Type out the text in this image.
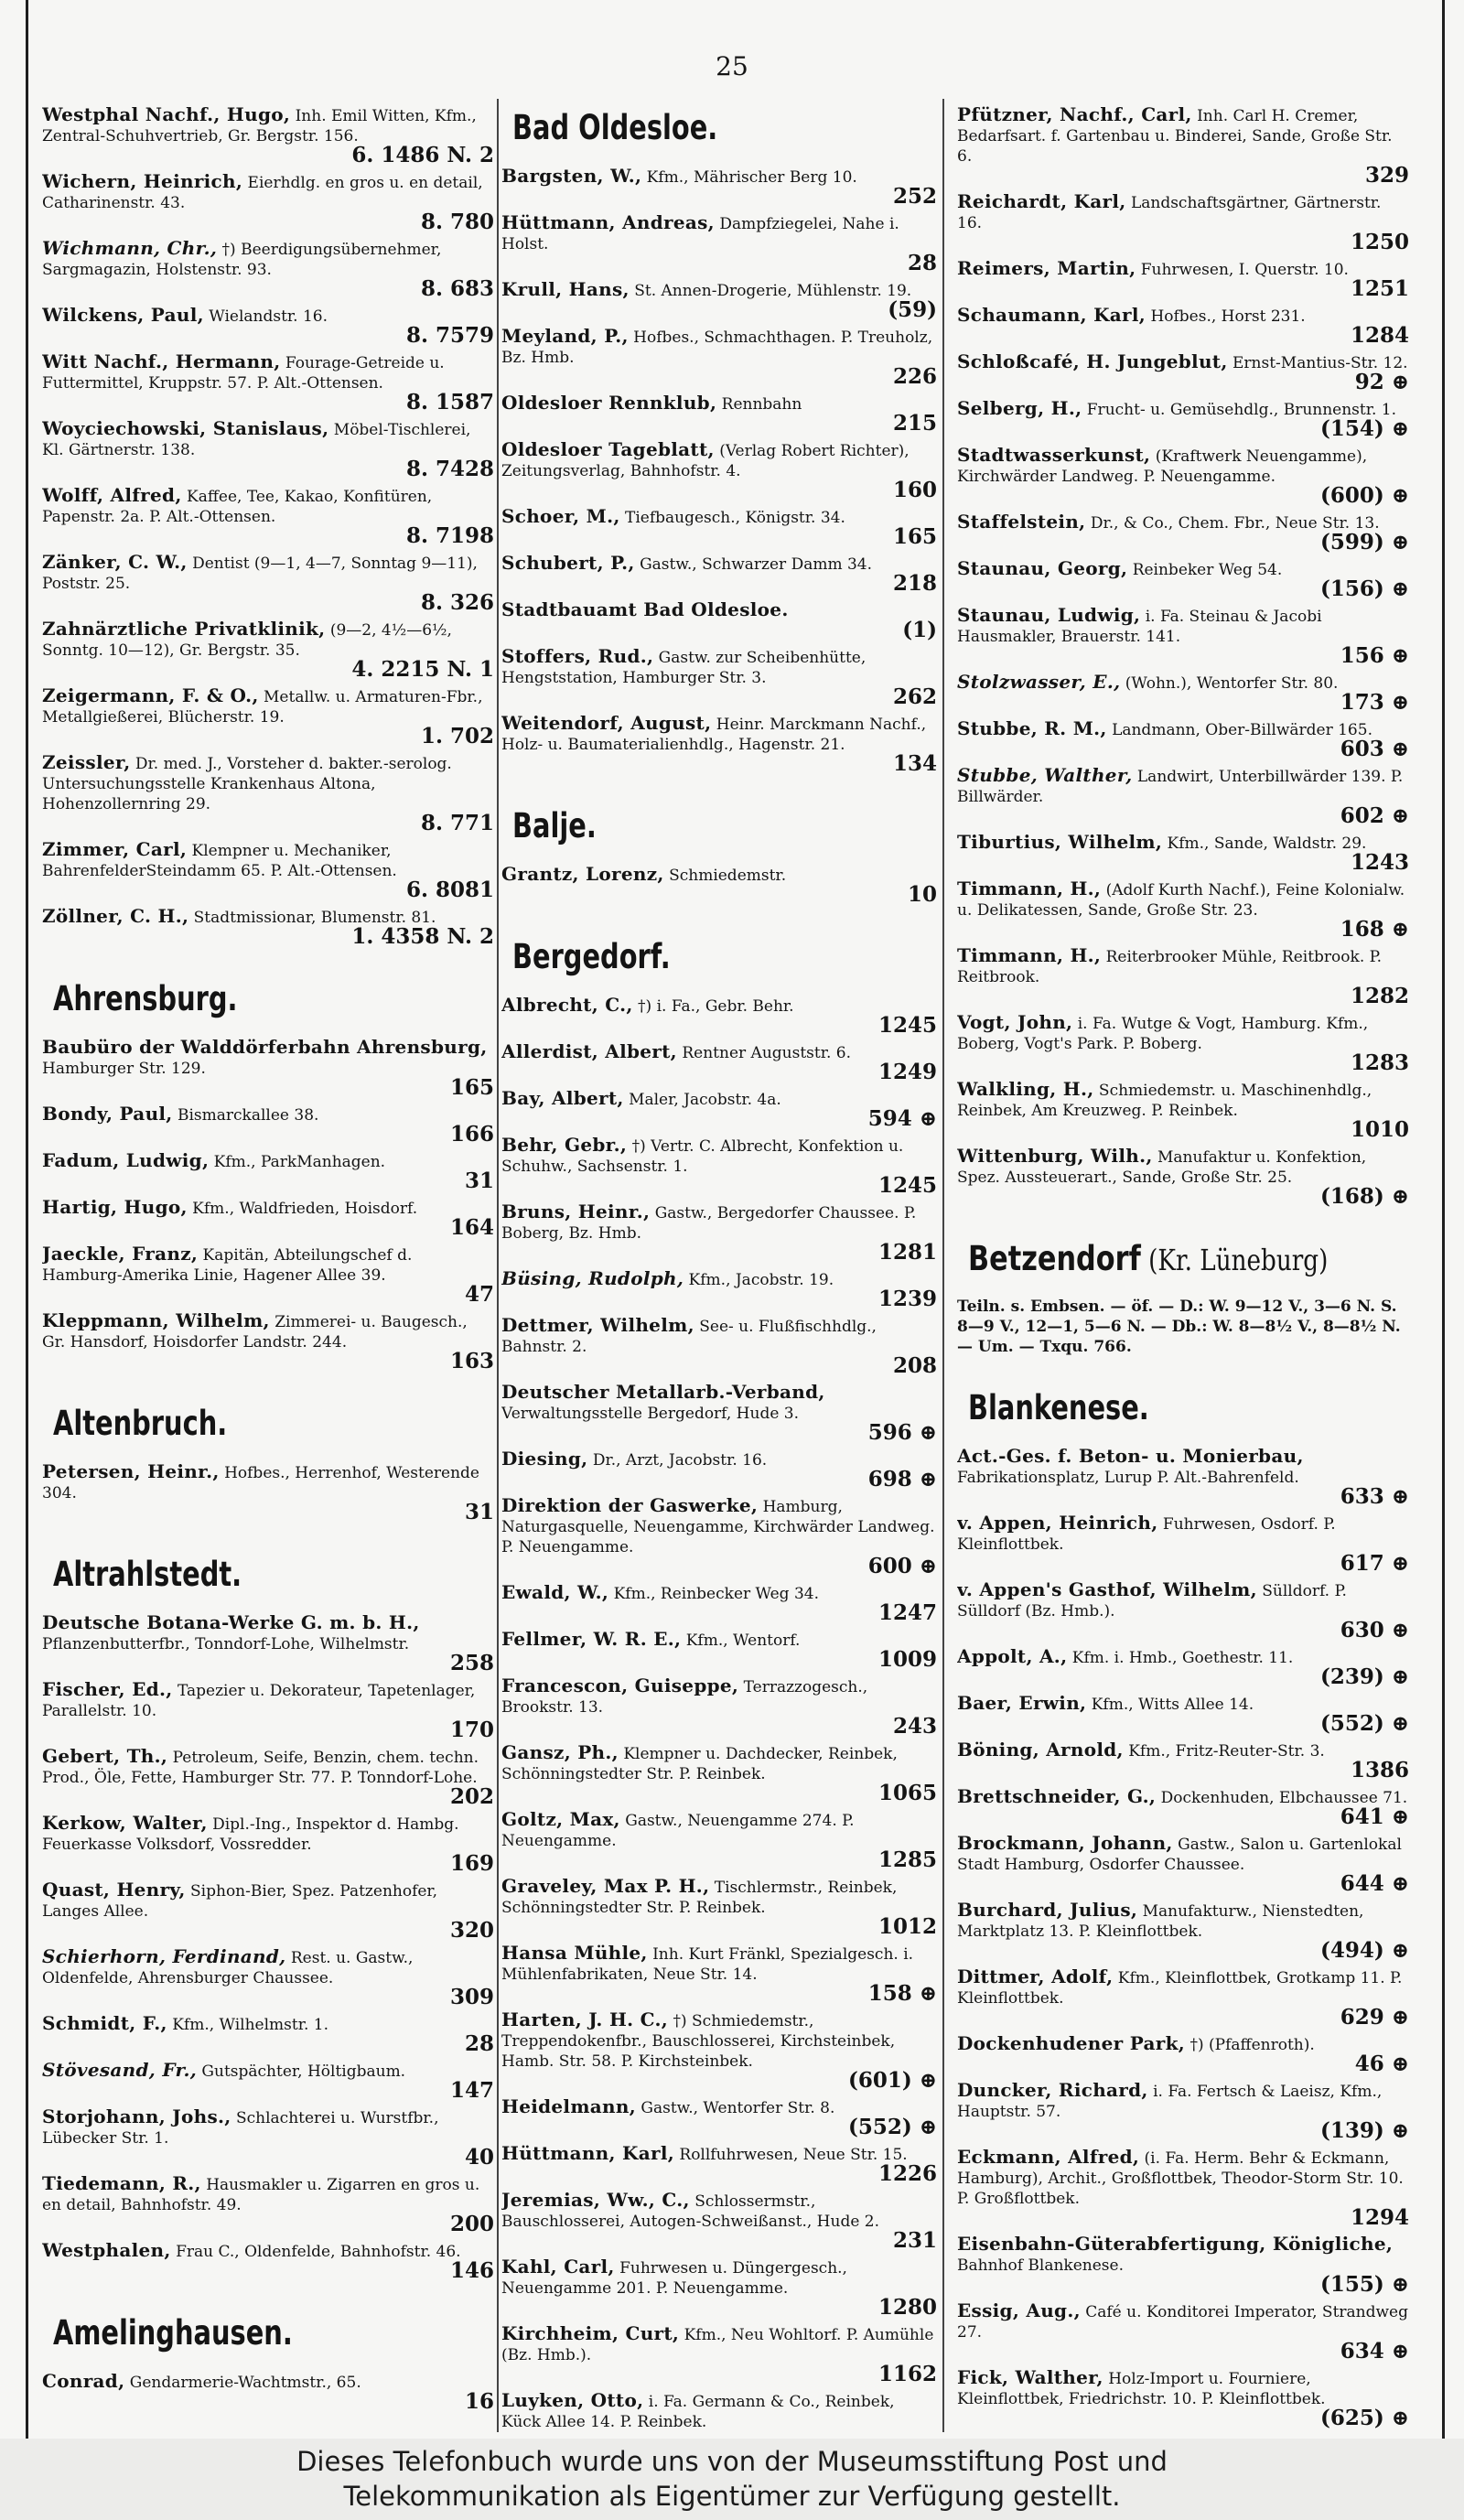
25
Westphal Nachf., Hugo, Inh. Emil Witten, Kfm., Zentral-Schuhvertrieb, Gr. Bergstr. 156.
6. 1486 N. 2
Wichern, Heinrich, Eierhdlg. en gros u. en detail, Catharinenstr. 43.
8. 780
Wichmann, Chr., †) Beerdigungsübernehmer, Sargmagazin, Holstenstr. 93.
8. 683
Wilckens, Paul, Wielandstr. 16.
8. 7579
Witt Nachf., Hermann, Fourage-Getreide u. Futtermittel, Kruppstr. 57. P. Alt.-Ottensen.
8. 1587
Woyciechowski, Stanislaus, Möbel-Tischlerei, Kl. Gärtnerstr. 138.
8. 7428
Wolff, Alfred, Kaffee, Tee, Kakao, Konfitüren, Papenstr. 2a. P. Alt.-Ottensen.
8. 7198
Zänker, C. W., Dentist (9—1, 4—7, Sonntag 9—11), Poststr. 25.
8. 326
Zahnärztliche Privatklinik, (9—2, 4½—6½, Sonntg. 10—12), Gr. Bergstr. 35.
4. 2215 N. 1
Zeigermann, F. & O., Metallw. u. Armaturen-Fbr., Metallgießerei, Blücherstr. 19.
1. 702
Zeissler, Dr. med. J., Vorsteher d. bakter.-serolog. Untersuchungsstelle Krankenhaus Altona, Hohenzollernring 29.
8. 771
Zimmer, Carl, Klempner u. Mechaniker, BahrenfelderSteindamm 65. P. Alt.-Ottensen.
6. 8081
Zöllner, C. H., Stadtmissionar, Blumenstr. 81.
1. 4358 N. 2
Ahrensburg.
Baubüro der Walddörferbahn Ahrensburg, Hamburger Str. 129.
165
Bondy, Paul, Bismarckallee 38.
166
Fadum, Ludwig, Kfm., ParkManhagen.
31
Hartig, Hugo, Kfm., Waldfrieden, Hoisdorf.
164
Jaeckle, Franz, Kapitän, Abteilungschef d. Hamburg-Amerika Linie, Hagener Allee 39.
47
Kleppmann, Wilhelm, Zimmerei- u. Baugesch., Gr. Hansdorf, Hoisdorfer Landstr. 244.
163
Altenbruch.
Petersen, Heinr., Hofbes., Herrenhof, Westerende 304.
31
Altrahlstedt.
Deutsche Botana-Werke G. m. b. H., Pflanzenbutterfbr., Tonndorf-Lohe, Wilhelmstr.
258
Fischer, Ed., Tapezier u. Dekorateur, Tapetenlager, Parallelstr. 10.
170
Gebert, Th., Petroleum, Seife, Benzin, chem. techn. Prod., Öle, Fette, Hamburger Str. 77. P. Tonndorf-Lohe.
202
Kerkow, Walter, Dipl.-Ing., Inspektor d. Hambg. Feuerkasse Volksdorf, Vossredder.
169
Quast, Henry, Siphon-Bier, Spez. Patzenhofer, Langes Allee.
320
Schierhorn, Ferdinand, Rest. u. Gastw., Oldenfelde, Ahrensburger Chaussee.
309
Schmidt, F., Kfm., Wilhelmstr. 1.
28
Stövesand, Fr., Gutspächter, Höltigbaum.
147
Storjohann, Johs., Schlachterei u. Wurstfbr., Lübecker Str. 1.
40
Tiedemann, R., Hausmakler u. Zigarren en gros u. en detail, Bahnhofstr. 49.
200
Westphalen, Frau C., Oldenfelde, Bahnhofstr. 46.
146
Amelinghausen.
Conrad, Gendarmerie-Wachtmstr., 65.
16
Bad Oldesloe.
Bargsten, W., Kfm., Mährischer Berg 10.
252
Hüttmann, Andreas, Dampfziegelei, Nahe i. Holst.
28
Krull, Hans, St. Annen-Drogerie, Mühlenstr. 19.
(59)
Meyland, P., Hofbes., Schmachthagen. P. Treuholz, Bz. Hmb.
226
Oldesloer Rennklub, Rennbahn
215
Oldesloer Tageblatt, (Verlag Robert Richter), Zeitungsverlag, Bahnhofstr. 4.
160
Schoer, M., Tiefbaugesch., Königstr. 34.
165
Schubert, P., Gastw., Schwarzer Damm 34.
218
Stadtbauamt Bad Oldesloe.
(1)
Stoffers, Rud., Gastw. zur Scheibenhütte, Hengststation, Hamburger Str. 3.
262
Weitendorf, August, Heinr. Marckmann Nachf., Holz- u. Baumaterialienhdlg., Hagenstr. 21.
134
Balje.
Grantz, Lorenz, Schmiedemstr.
10
Bergedorf.
Albrecht, C., †) i. Fa., Gebr. Behr.
1245
Allerdist, Albert, Rentner Auguststr. 6.
1249
Bay, Albert, Maler, Jacobstr. 4a.
594 ⊕
Behr, Gebr., †) Vertr. C. Albrecht, Konfektion u. Schuhw., Sachsenstr. 1.
1245
Bruns, Heinr., Gastw., Bergedorfer Chaussee. P. Boberg, Bz. Hmb.
1281
Büsing, Rudolph, Kfm., Jacobstr. 19.
1239
Dettmer, Wilhelm, See- u. Flußfischhdlg., Bahnstr. 2.
208
Deutscher Metallarb.-Verband, Verwaltungsstelle Bergedorf, Hude 3.
596 ⊕
Diesing, Dr., Arzt, Jacobstr. 16.
698 ⊕
Direktion der Gaswerke, Hamburg, Naturgasquelle, Neuengamme, Kirchwärder Landweg. P. Neuengamme.
600 ⊕
Ewald, W., Kfm., Reinbecker Weg 34.
1247
Fellmer, W. R. E., Kfm., Wentorf.
1009
Francescon, Guiseppe, Terrazzogesch., Brookstr. 13.
243
Gansz, Ph., Klempner u. Dachdecker, Reinbek, Schönningstedter Str. P. Reinbek.
1065
Goltz, Max, Gastw., Neuengamme 274. P. Neuengamme.
1285
Graveley, Max P. H., Tischlermstr., Reinbek, Schönningstedter Str. P. Reinbek.
1012
Hansa Mühle, Inh. Kurt Fränkl, Spezialgesch. i. Mühlenfabrikaten, Neue Str. 14.
158 ⊕
Harten, J. H. C., †) Schmiedemstr., Treppendokenfbr., Bauschlosserei, Kirchsteinbek, Hamb. Str. 58. P. Kirchsteinbek.
(601) ⊕
Heidelmann, Gastw., Wentorfer Str. 8.
(552) ⊕
Hüttmann, Karl, Rollfuhrwesen, Neue Str. 15.
1226
Jeremias, Ww., C., Schlossermstr., Bauschlosserei, Autogen-Schweißanst., Hude 2.
231
Kahl, Carl, Fuhrwesen u. Düngergesch., Neuengamme 201. P. Neuengamme.
1280
Kirchheim, Curt, Kfm., Neu Wohltorf. P. Aumühle (Bz. Hmb.).
1162
Luyken, Otto, i. Fa. Germann & Co., Reinbek, Kück Allee 14. P. Reinbek.
Pfützner, Nachf., Carl, Inh. Carl H. Cremer, Bedarfsart. f. Gartenbau u. Binderei, Sande, Große Str. 6.
329
Reichardt, Karl, Landschaftsgärtner, Gärtnerstr. 16.
1250
Reimers, Martin, Fuhrwesen, I. Querstr. 10.
1251
Schaumann, Karl, Hofbes., Horst 231.
1284
Schloßcafé, H. Jungeblut, Ernst-Mantius-Str. 12.
92 ⊕
Selberg, H., Frucht- u. Gemüsehdlg., Brunnenstr. 1.
(154) ⊕
Stadtwasserkunst, (Kraftwerk Neuengamme), Kirchwärder Landweg. P. Neuengamme.
(600) ⊕
Staffelstein, Dr., & Co., Chem. Fbr., Neue Str. 13.
(599) ⊕
Staunau, Georg, Reinbeker Weg 54.
(156) ⊕
Staunau, Ludwig, i. Fa. Steinau & Jacobi Hausmakler, Brauerstr. 141.
156 ⊕
Stolzwasser, E., (Wohn.), Wentorfer Str. 80.
173 ⊕
Stubbe, R. M., Landmann, Ober-Billwärder 165.
603 ⊕
Stubbe, Walther, Landwirt, Unterbillwärder 139. P. Billwärder.
602 ⊕
Tiburtius, Wilhelm, Kfm., Sande, Waldstr. 29.
1243
Timmann, H., (Adolf Kurth Nachf.), Feine Kolonialw. u. Delikatessen, Sande, Große Str. 23.
168 ⊕
Timmann, H., Reiterbrooker Mühle, Reitbrook. P. Reitbrook.
1282
Vogt, John, i. Fa. Wutge & Vogt, Hamburg. Kfm., Boberg, Vogt's Park. P. Boberg.
1283
Walkling, H., Schmiedemstr. u. Maschinenhdlg., Reinbek, Am Kreuzweg. P. Reinbek.
1010
Wittenburg, Wilh., Manufaktur u. Konfektion, Spez. Aussteuerart., Sande, Große Str. 25.
(168) ⊕
Betzendorf (Kr. Lüneburg)
Teiln. s. Embsen. — öf. — D.: W. 9—12 V., 3—6 N. S. 8—9 V., 12—1, 5—6 N. — Db.: W. 8—8½ V., 8—8½ N. — Um. — Txqu. 766.
Blankenese.
Act.-Ges. f. Beton- u. Monierbau, Fabrikationsplatz, Lurup P. Alt.-Bahrenfeld.
633 ⊕
v. Appen, Heinrich, Fuhrwesen, Osdorf. P. Kleinflottbek.
617 ⊕
v. Appen's Gasthof, Wilhelm, Sülldorf. P. Sülldorf (Bz. Hmb.).
630 ⊕
Appolt, A., Kfm. i. Hmb., Goethestr. 11.
(239) ⊕
Baer, Erwin, Kfm., Witts Allee 14.
(552) ⊕
Böning, Arnold, Kfm., Fritz-Reuter-Str. 3.
1386
Brettschneider, G., Dockenhuden, Elbchaussee 71.
641 ⊕
Brockmann, Johann, Gastw., Salon u. Gartenlokal Stadt Hamburg, Osdorfer Chaussee.
644 ⊕
Burchard, Julius, Manufakturw., Nienstedten, Marktplatz 13. P. Kleinflottbek.
(494) ⊕
Dittmer, Adolf, Kfm., Kleinflottbek, Grotkamp 11. P. Kleinflottbek.
629 ⊕
Dockenhudener Park, †) (Pfaffenroth).
46 ⊕
Duncker, Richard, i. Fa. Fertsch & Laeisz, Kfm., Hauptstr. 57.
(139) ⊕
Eckmann, Alfred, (i. Fa. Herm. Behr & Eckmann, Hamburg), Archit., Großflottbek, Theodor-Storm Str. 10. P. Großflottbek.
1294
Eisenbahn-Güterabfertigung, Königliche, Bahnhof Blankenese.
(155) ⊕
Essig, Aug., Café u. Konditorei Imperator, Strandweg 27.
634 ⊕
Fick, Walther, Holz-Import u. Fourniere, Kleinflottbek, Friedrichstr. 10. P. Kleinflottbek.
(625) ⊕
Dieses Telefonbuch wurde uns von der Museumsstiftung Post und
Telekommunikation als Eigentümer zur Verfügung gestellt.
